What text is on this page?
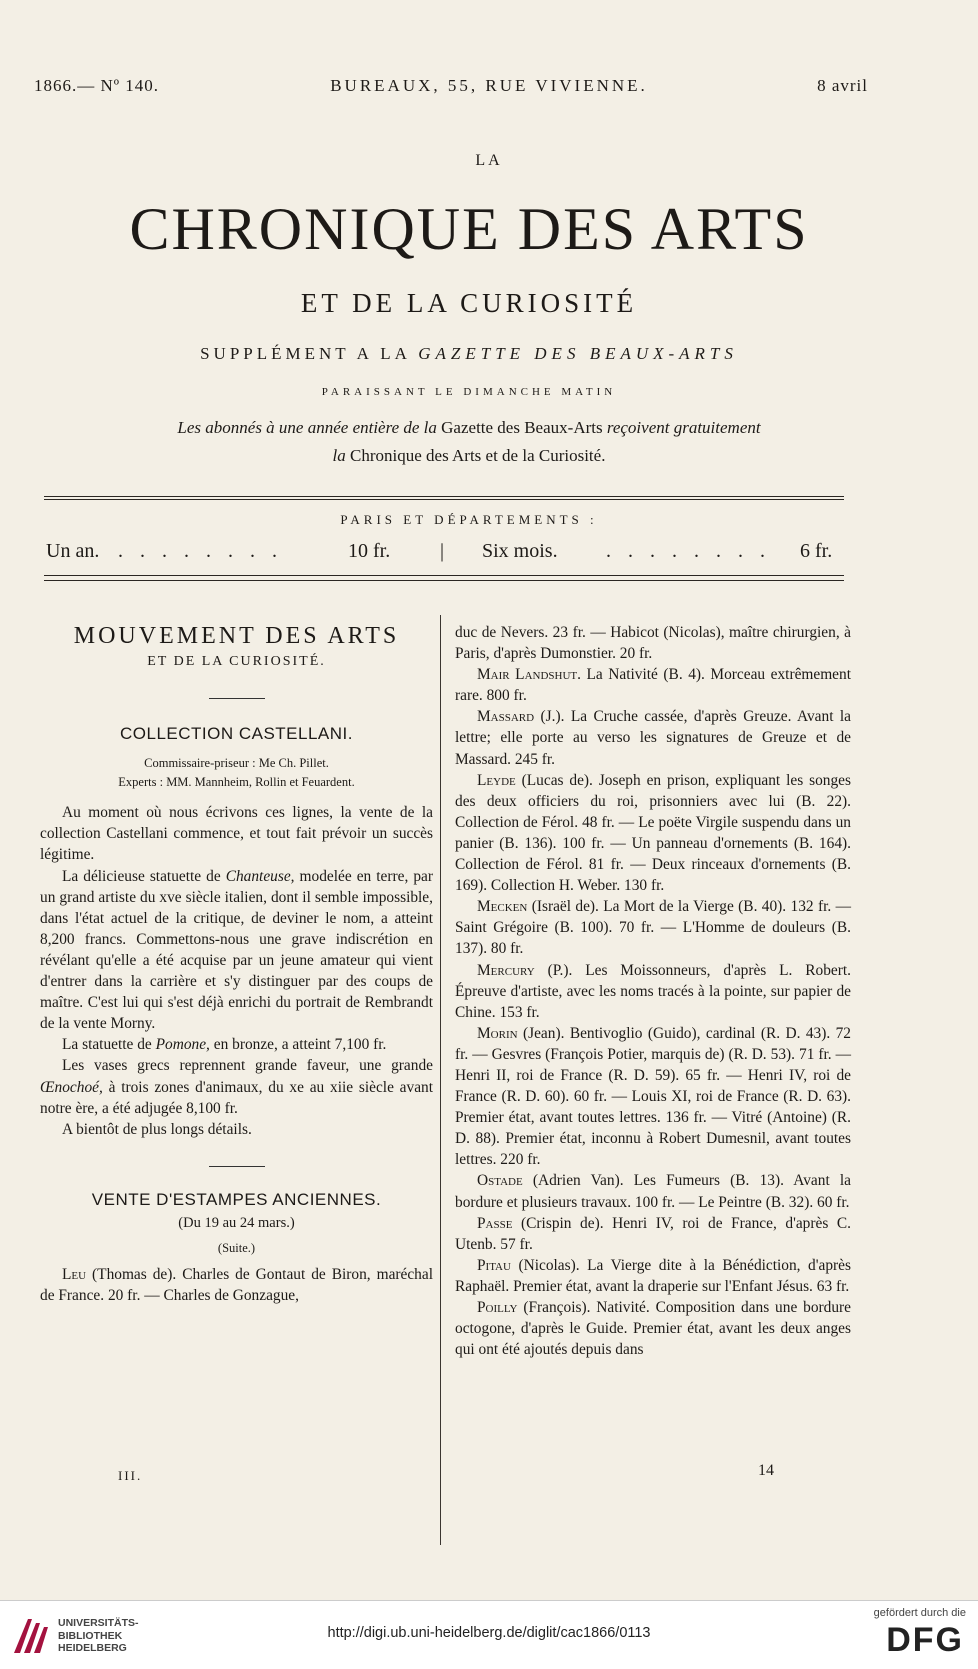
1866.— Nº 140.	BUREAUX, 55, RUE VIVIENNE.	8 avril
LA
CHRONIQUE DES ARTS
ET DE LA CURIOSITÉ
SUPPLÉMENT A LA GAZETTE DES BEAUX-ARTS
PARAISSANT LE DIMANCHE MATIN
Les abonnés à une année entière de la Gazette des Beaux-Arts reçoivent gratuitement
la Chronique des Arts et de la Curiosité.
PARIS ET DÉPARTEMENTS :
Un an. . . . . . . . .	10 fr. | Six mois. . . . . . . . . 6 fr.
MOUVEMENT DES ARTS
ET DE LA CURIOSITÉ.
COLLECTION CASTELLANI.
Commissaire-priseur : Me Ch. Pillet.
Experts : MM. Mannheim, Rollin et Feuardent.

Au moment où nous écrivons ces lignes, la vente de la collection Castellani commence, et tout fait prévoir un succès légitime.

La délicieuse statuette de Chanteuse, modelée en terre, par un grand artiste du xve siècle italien, dont il semble impossible, dans l'état actuel de la critique, de deviner le nom, a atteint 8,200 francs. Commettons-nous une grave indiscrétion en révélant qu'elle a été acquise par un jeune amateur qui vient d'entrer dans la carrière et s'y distinguer par des coups de maître. C'est lui qui s'est déjà enrichi du portrait de Rembrandt de la vente Morny.

La statuette de Pomone, en bronze, a atteint 7,100 fr.

Les vases grecs reprennent grande faveur, une grande Œnochoé, à trois zones d'animaux, du xe au xiie siècle avant notre ère, a été adjugée 8,100 fr.

A bientôt de plus longs détails.

VENTE D'ESTAMPES ANCIENNES.
(Du 19 au 24 mars.)
(Suite.)

Leu (Thomas de). Charles de Gontaut de Biron, maréchal de France. 20 fr. — Charles de Gonzague,

duc de Nevers. 23 fr. — Habicot (Nicolas), maître chirurgien, à Paris, d'après Dumonstier. 20 fr.

Mair Landshut. La Nativité (B. 4). Morceau extrêmement rare. 800 fr.

Massard (J.). La Cruche cassée, d'après Greuze. Avant la lettre; elle porte au verso les signatures de Greuze et de Massard. 245 fr.

Leyde (Lucas de). Joseph en prison, expliquant les songes des deux officiers du roi, prisonniers avec lui (B. 22). Collection de Férol. 48 fr. — Le poëte Virgile suspendu dans un panier (B. 136). 100 fr. — Un panneau d'ornements (B. 164). Collection de Férol. 81 fr. — Deux rinceaux d'ornements (B. 169). Collection H. Weber. 130 fr.

Mecken (Israël de). La Mort de la Vierge (B. 40). 132 fr. — Saint Grégoire (B. 100). 70 fr. — L'Homme de douleurs (B. 137). 80 fr.

Mercury (P.). Les Moissonneurs, d'après L. Robert. Épreuve d'artiste, avec les noms tracés à la pointe, sur papier de Chine. 153 fr.

Morin (Jean). Bentivoglio (Guido), cardinal (R. D. 43). 72 fr. — Gesvres (François Potier, marquis de) (R. D. 53). 71 fr. — Henri II, roi de France (R. D. 59). 65 fr. — Henri IV, roi de France (R. D. 60). 60 fr. — Louis XI, roi de France (R. D. 63). Premier état, avant toutes lettres. 136 fr. — Vitré (Antoine) (R. D. 88). Premier état, inconnu à Robert Dumesnil, avant toutes lettres. 220 fr.

Ostade (Adrien Van). Les Fumeurs (B. 13). Avant la bordure et plusieurs travaux. 100 fr. — Le Peintre (B. 32). 60 fr.

Passe (Crispin de). Henri IV, roi de France, d'après C. Utenb. 57 fr.

Pitau (Nicolas). La Vierge dite à la Bénédiction, d'après Raphaël. Premier état, avant la draperie sur l'Enfant Jésus. 63 fr.

Poilly (François). Nativité. Composition dans une bordure octogone, d'après le Guide. Premier état, avant les deux anges qui ont été ajoutés depuis dans

III.	14
UNIVERSITÄTS-
BIBLIOTHEK
HEIDELBERG
http://digi.ub.uni-heidelberg.de/diglit/cac1866/0113
gefördert durch die
DFG
